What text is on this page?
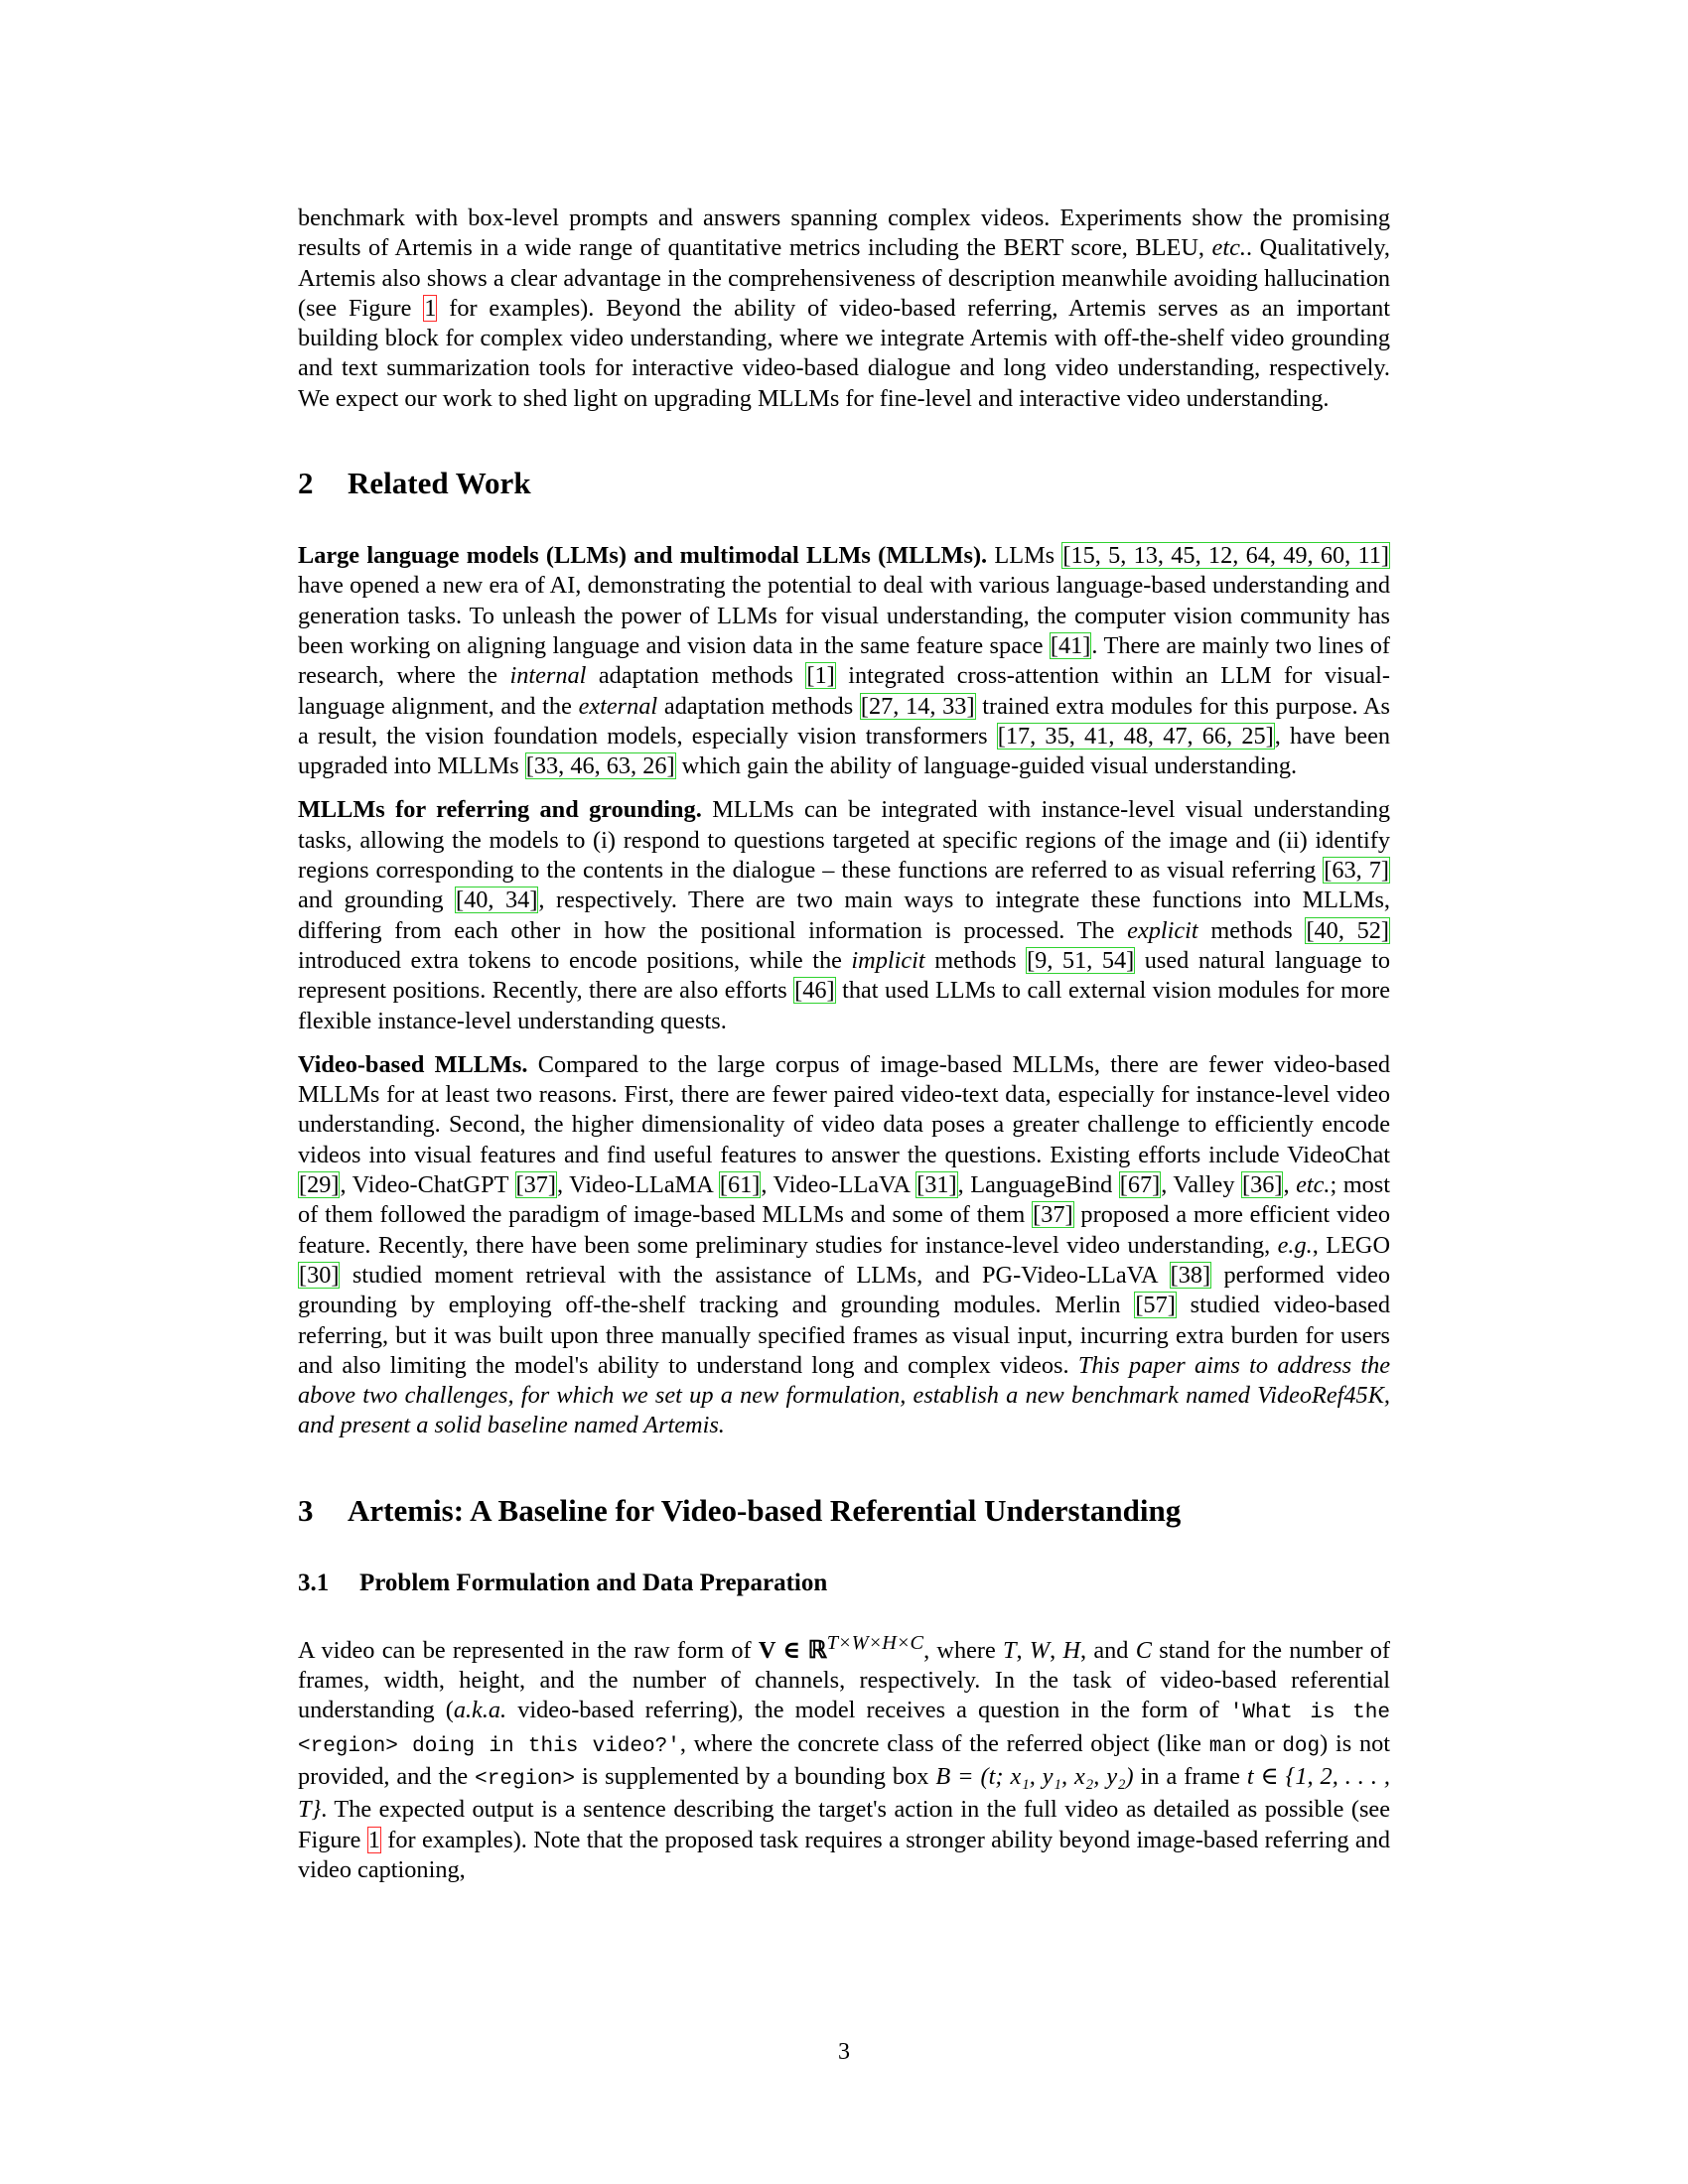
benchmark with box-level prompts and answers spanning complex videos. Experiments show the promising results of Artemis in a wide range of quantitative metrics including the BERT score, BLEU, etc.. Qualitatively, Artemis also shows a clear advantage in the comprehensiveness of description meanwhile avoiding hallucination (see Figure 1 for examples). Beyond the ability of video-based referring, Artemis serves as an important building block for complex video understanding, where we integrate Artemis with off-the-shelf video grounding and text summarization tools for interactive video-based dialogue and long video understanding, respectively. We expect our work to shed light on upgrading MLLMs for fine-level and interactive video understanding.

2 Related Work

Large language models (LLMs) and multimodal LLMs (MLLMs). LLMs [15, 5, 13, 45, 12, 64, 49, 60, 11] have opened a new era of AI, demonstrating the potential to deal with various language-based understanding and generation tasks. To unleash the power of LLMs for visual understanding, the computer vision community has been working on aligning language and vision data in the same feature space [41]. There are mainly two lines of research, where the internal adaptation methods [1] integrated cross-attention within an LLM for visual-language alignment, and the external adaptation methods [27, 14, 33] trained extra modules for this purpose. As a result, the vision foundation models, especially vision transformers [17, 35, 41, 48, 47, 66, 25], have been upgraded into MLLMs [33, 46, 63, 26] which gain the ability of language-guided visual understanding.

MLLMs for referring and grounding. MLLMs can be integrated with instance-level visual understanding tasks, allowing the models to (i) respond to questions targeted at specific regions of the image and (ii) identify regions corresponding to the contents in the dialogue – these functions are referred to as visual referring [63, 7] and grounding [40, 34], respectively. There are two main ways to integrate these functions into MLLMs, differing from each other in how the positional information is processed. The explicit methods [40, 52] introduced extra tokens to encode positions, while the implicit methods [9, 51, 54] used natural language to represent positions. Recently, there are also efforts [46] that used LLMs to call external vision modules for more flexible instance-level understanding quests.

Video-based MLLMs. Compared to the large corpus of image-based MLLMs, there are fewer video-based MLLMs for at least two reasons. First, there are fewer paired video-text data, especially for instance-level video understanding. Second, the higher dimensionality of video data poses a greater challenge to efficiently encode videos into visual features and find useful features to answer the questions. Existing efforts include VideoChat [29], Video-ChatGPT [37], Video-LLaMA [61], Video-LLaVA [31], LanguageBind [67], Valley [36], etc.; most of them followed the paradigm of image-based MLLMs and some of them [37] proposed a more efficient video feature. Recently, there have been some preliminary studies for instance-level video understanding, e.g., LEGO [30] studied moment retrieval with the assistance of LLMs, and PG-Video-LLaVA [38] performed video grounding by employing off-the-shelf tracking and grounding modules. Merlin [57] studied video-based referring, but it was built upon three manually specified frames as visual input, incurring extra burden for users and also limiting the model's ability to understand long and complex videos. This paper aims to address the above two challenges, for which we set up a new formulation, establish a new benchmark named VideoRef45K, and present a solid baseline named Artemis.

3 Artemis: A Baseline for Video-based Referential Understanding
3.1 Problem Formulation and Data Preparation

A video can be represented in the raw form of V ∈ ℝ$^{T\times W\times H\times C}$, where T, W, H, and C stand for the number of frames, width, height, and the number of channels, respectively. In the task of video-based referential understanding (a.k.a. video-based referring), the model receives a question in the form of 'What is the <region> doing in this video?', where the concrete class of the referred object (like man or dog) is not provided, and the <region> is supplemented by a bounding box B = (t; x₁, y₁, x₂, y₂) in a frame t ∈ {1, 2, . . . , T}. The expected output is a sentence describing the target's action in the full video as detailed as possible (see Figure 1 for examples). Note that the proposed task requires a stronger ability beyond image-based referring and video captioning,

3
